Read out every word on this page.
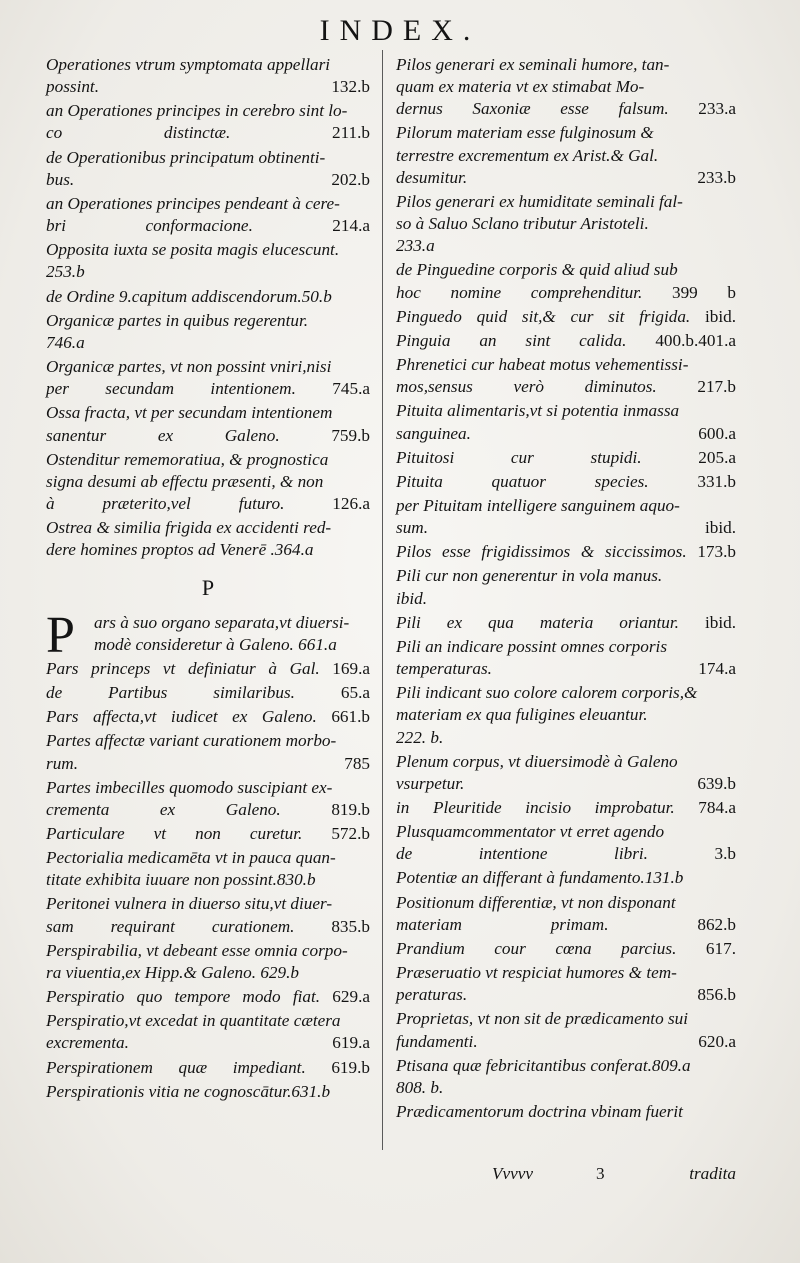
INDEX.
Operationes vtrum symptomata appellari
possint.	132.b
an Operationes principes in cerebro sint lo-
co distinctæ.	211.b
de Operationibus principatum obtinenti-
bus.	202.b
an Operationes principes pendeant à cere-
bri conformacione.	214.a
Opposita iuxta se posita magis elucescunt.
253.b
de Ordine 9.capitum addiscendorum.50.b
Organicæ partes in quibus regerentur.
746.a
Organicæ partes, vt non possint vniri,nisi
per secundam intentionem. 745.a
Ossa fracta, vt per secundam intentionem
sanentur ex Galeno.	759.b
Ostenditur rememoratiua, & prognostica
signa desumi ab effectu præsenti, & non
à præterito,vel futuro.	126.a
Ostrea & similia frigida ex accidenti red-
dere homines proptos ad Venerē .364.a
P
P ars à suo organo separata,vt diuersi-
modè consideretur à Galeno. 661.a
Pars princeps vt definiatur à Gal. 169.a
de Partibus similaribus.	65.a
Pars affecta,vt iudicet ex Galeno. 661.b
Partes affectæ variant curationem morbo-
rum.	785
Partes imbecilles quomodo suscipiant ex-
crementa ex Galeno.	819.b
Particulare vt non curetur. 572.b
Pectorialia medicamēta vt in pauca quan-
titate exhibita iuuare non possint.830.b
Peritonei vulnera in diuerso situ,vt diuer-
sam requirant curationem. 835.b
Perspirabilia, vt debeant esse omnia corpo-
ra viuentia,ex Hipp.& Galeno. 629.b
Perspiratio quo tempore modo fiat. 629.a
Perspiratio,vt excedat in quantitate cætera
excrementa.	619.a
Perspirationem quæ impediant. 619.b
Perspirationis vitia ne cognoscātur.631.b
Pilos generari ex seminali humore, tan-
quam ex materia vt ex stimabat Mo-
dernus Saxoniæ esse falsum. 233.a
Pilorum materiam esse fulginosum &
terrestre excrementum ex Arist.& Gal.
desumitur.	233.b
Pilos generari ex humiditate seminali fal-
so à Saluo Sclano tributur Aristoteli.
233.a
de Pinguedine corporis & quid aliud sub
hoc nomine comprehenditur. 399 b
Pinguedo quid sit,& cur sit frigida. ibid.
Pinguia an sint calida. 400.b.401.a
Phrenetici cur habeat motus vehementissi-
mos,sensus verò diminutos. 217.b
Pituita alimentaris,vt si potentia inmassa
sanguinea.	600.a
Pituitosi cur stupidi.	205.a
Pituita quatuor species.	331.b
per Pituitam intelligere sanguinem aquo-
sum.	ibid.
Pilos esse frigidissimos & siccissimos. 173.b
Pili cur non generentur in vola manus.
ibid.
Pili ex qua materia oriantur. ibid.
Pili an indicare possint omnes corporis
temperaturas.	174.a
Pili indicant suo colore calorem corporis,&
materiam ex qua fuligines eleuantur.
222. b.
Plenum corpus, vt diuersimodè à Galeno
vsurpetur.	639.b
in Pleuritide incisio improbatur. 784.a
Plusquamcommentator vt erret agendo
de intentione libri.	3.b
Potentiæ an differant à fundamento.131.b
Positionum differentiæ, vt non disponant
materiam primam.	862.b
Prandium cour cœna parcius. 617.
Præseruatio vt respiciat humores & tem-
peraturas.	856.b
Proprietas, vt non sit de prædicamento sui
fundamenti.	620.a
Ptisana quæ febricitantibus conferat.809.a
808. b.
Prædicamentorum doctrina vbinam fuerit
Vvvvv	3	tradita
